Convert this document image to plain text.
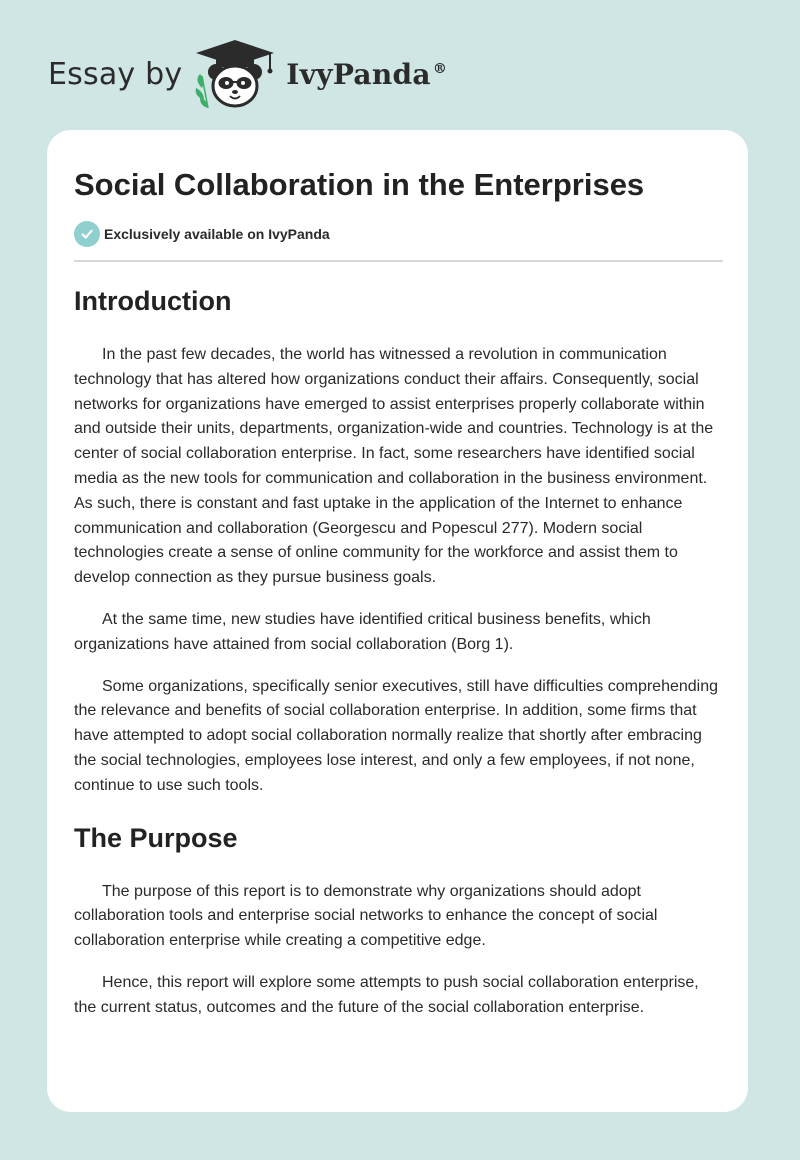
Essay by	IvyPanda ®
Social Collaboration in the Enterprises
Exclusively available on IvyPanda
Introduction

In the past few decades, the world has witnessed a revolution in communication technology that has altered how organizations conduct their affairs. Consequently, social networks for organizations have emerged to assist enterprises properly collaborate within and outside their units, departments, organization-wide and countries. Technology is at the center of social collaboration enterprise. In fact, some researchers have identified social media as the new tools for communication and collaboration in the business environment. As such, there is constant and fast uptake in the application of the Internet to enhance communication and collaboration (Georgescu and Popescul 277). Modern social technologies create a sense of online community for the workforce and assist them to develop connection as they pursue business goals.

At the same time, new studies have identified critical business benefits, which organizations have attained from social collaboration (Borg 1).

Some organizations, specifically senior executives, still have difficulties comprehending the relevance and benefits of social collaboration enterprise. In addition, some firms that have attempted to adopt social collaboration normally realize that shortly after embracing the social technologies, employees lose interest, and only a few employees, if not none, continue to use such tools.

The Purpose

The purpose of this report is to demonstrate why organizations should adopt collaboration tools and enterprise social networks to enhance the concept of social collaboration enterprise while creating a competitive edge.

Hence, this report will explore some attempts to push social collaboration enterprise, the current status, outcomes and the future of the social collaboration enterprise.
